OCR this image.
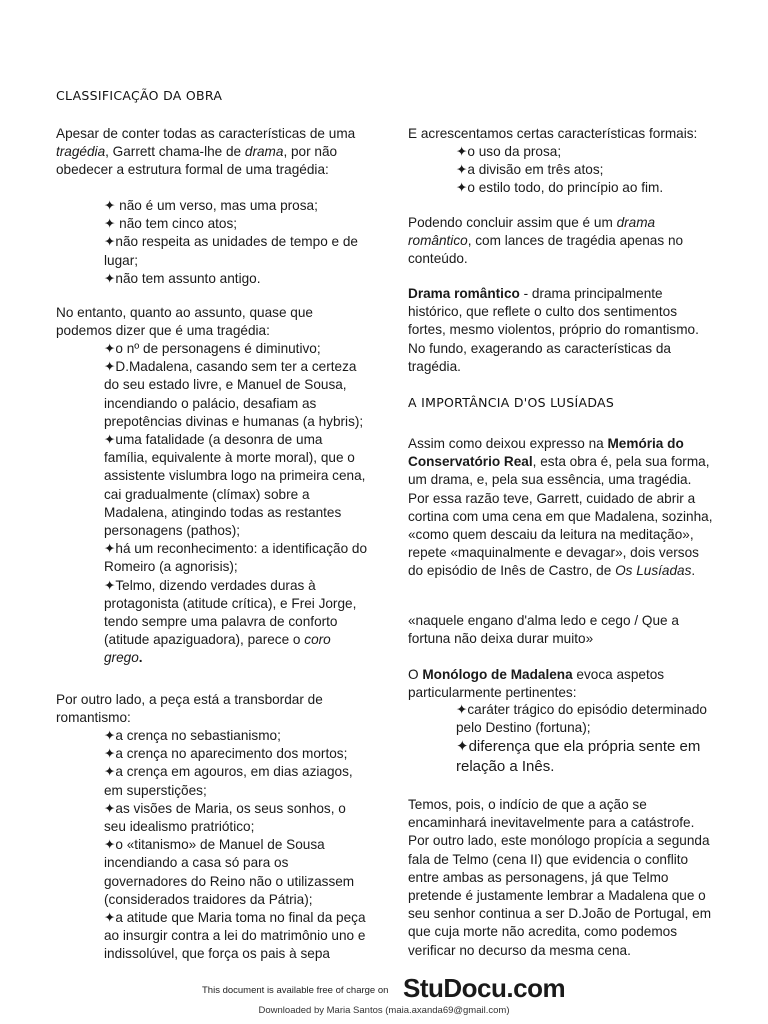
CLASSIFICAÇÃO DA OBRA

Apesar de conter todas as características de uma tragédia, Garrett chama-lhe de drama, por não obedecer a estrutura formal de uma tragédia:

✦ não é um verso, mas uma prosa;
✦ não tem cinco atos;
✦não respeita as unidades de tempo e de lugar;
✦não tem assunto antigo.

No entanto, quanto ao assunto, quase que podemos dizer que é uma tragédia:

✦o nº de personagens é diminutivo;
✦D.Madalena, casando sem ter a certeza do seu estado livre, e Manuel de Sousa, incendiando o palácio, desafiam as prepotências divinas e humanas (a hybris);
✦uma fatalidade (a desonra de uma família, equivalente à morte moral), que o assistente vislumbra logo na primeira cena, cai gradualmente (clímax) sobre a Madalena, atingindo todas as restantes personagens (pathos);
✦há um reconhecimento: a identificação do Romeiro (a agnorisis);
✦Telmo, dizendo verdades duras à protagonista (atitude crítica), e Frei Jorge, tendo sempre uma palavra de conforto (atitude apaziguadora), parece o coro grego.

Por outro lado, a peça está a transbordar de romantismo:

✦a crença no sebastianismo;
✦a crença no aparecimento dos mortos;
✦a crença em agouros, em dias aziagos, em superstições;
✦as visões de Maria, os seus sonhos, o seu idealismo pratriótico;
✦o «titanismo» de Manuel de Sousa incendiando a casa só para os governadores do Reino não o utilizassem (considerados traidores da Pátria);
✦a atitude que Maria toma no final da peça ao insurgir contra a lei do matrimônio uno e indissolúvel, que força os pais à sepa

E acrescentamos certas características formais:

✦o uso da prosa;
✦a divisão em três atos;
✦o estilo todo, do princípio ao fim.

Podendo concluir assim que é um drama romântico, com lances de tragédia apenas no conteúdo.

Drama romântico - drama principalmente histórico, que reflete o culto dos sentimentos fortes, mesmo violentos, próprio do romantismo. No fundo, exagerando as características da tragédia.

A IMPORTÂNCIA D'OS LUSÍADAS

Assim como deixou expresso na Memória do Conservatório Real, esta obra é, pela sua forma, um drama, e, pela sua essência, uma tragédia. Por essa razão teve, Garrett, cuidado de abrir a cortina com uma cena em que Madalena, sozinha, «como quem descaiu da leitura na meditação», repete «maquinalmente e devagar», dois versos do episódio de Inês de Castro, de Os Lusíadas.

«naquele engano d'alma ledo e cego / Que a fortuna não deixa durar muito»

O Monólogo de Madalena evoca aspetos particularmente pertinentes:

✦caráter trágico do episódio determinado pelo Destino (fortuna);
✦diferença que ela própria sente em relação a Inês.

Temos, pois, o indício de que a ação se encaminhará inevitavelmente para a catástrofe. Por outro lado, este monólogo propícia a segunda fala de Telmo (cena II) que evidencia o conflito entre ambas as personagens, já que Telmo pretende é justamente lembrar a Madalena que o seu senhor continua a ser D.João de Portugal, em que cuja morte não acredita, como podemos verificar no decurso da mesma cena.

This document is available free of charge on StuDocu.com
Downloaded by Maria Santos (maia.axanda69@gmail.com)
